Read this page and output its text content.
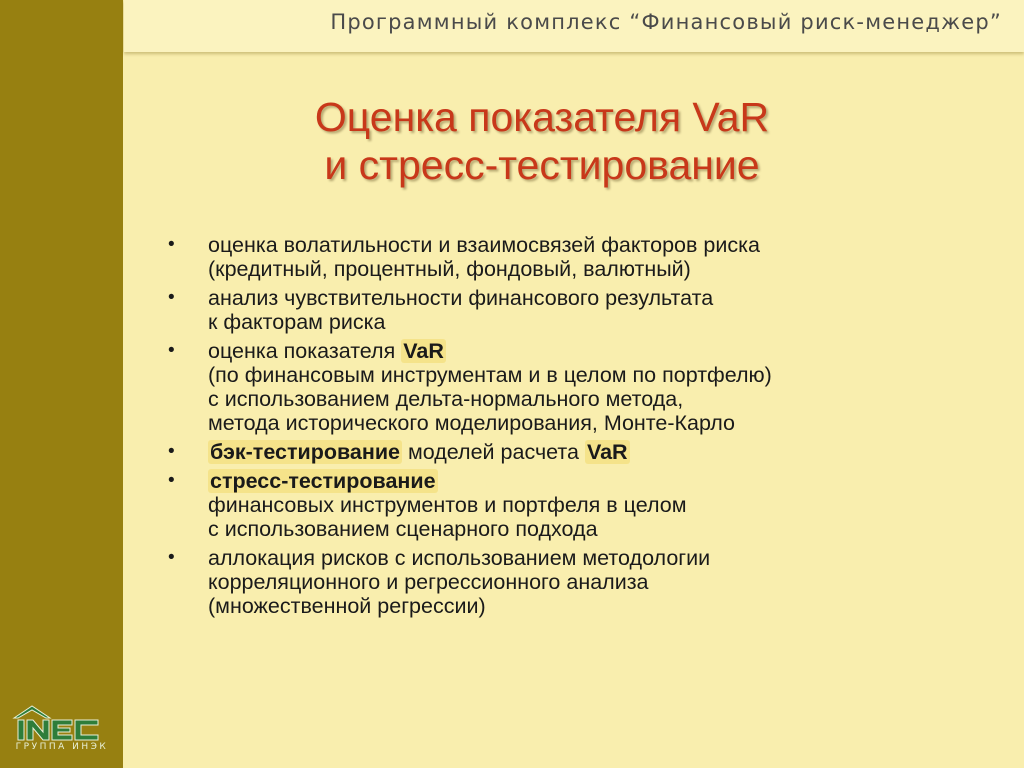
Программный комплекс “Финансовый риск-менеджер”
Оценка показателя VaR
и стресс-тестирование
• оценка волатильности и взаимосвязей факторов риска
(кредитный, процентный, фондовый, валютный)
• анализ чувствительности финансового результата
к факторам риска
• оценка показателя VaR
(по финансовым инструментам и в целом по портфелю)
с использованием дельта-нормального метода,
метода исторического моделирования, Монте-Карло
• бэк-тестирование моделей расчета VaR
• стресс-тестирование
финансовых инструментов и портфеля в целом
с использованием сценарного подхода
• аллокация рисков с использованием методологии
корреляционного и регрессионного анализа
(множественной регрессии)
ГРУППА ИНЭК
